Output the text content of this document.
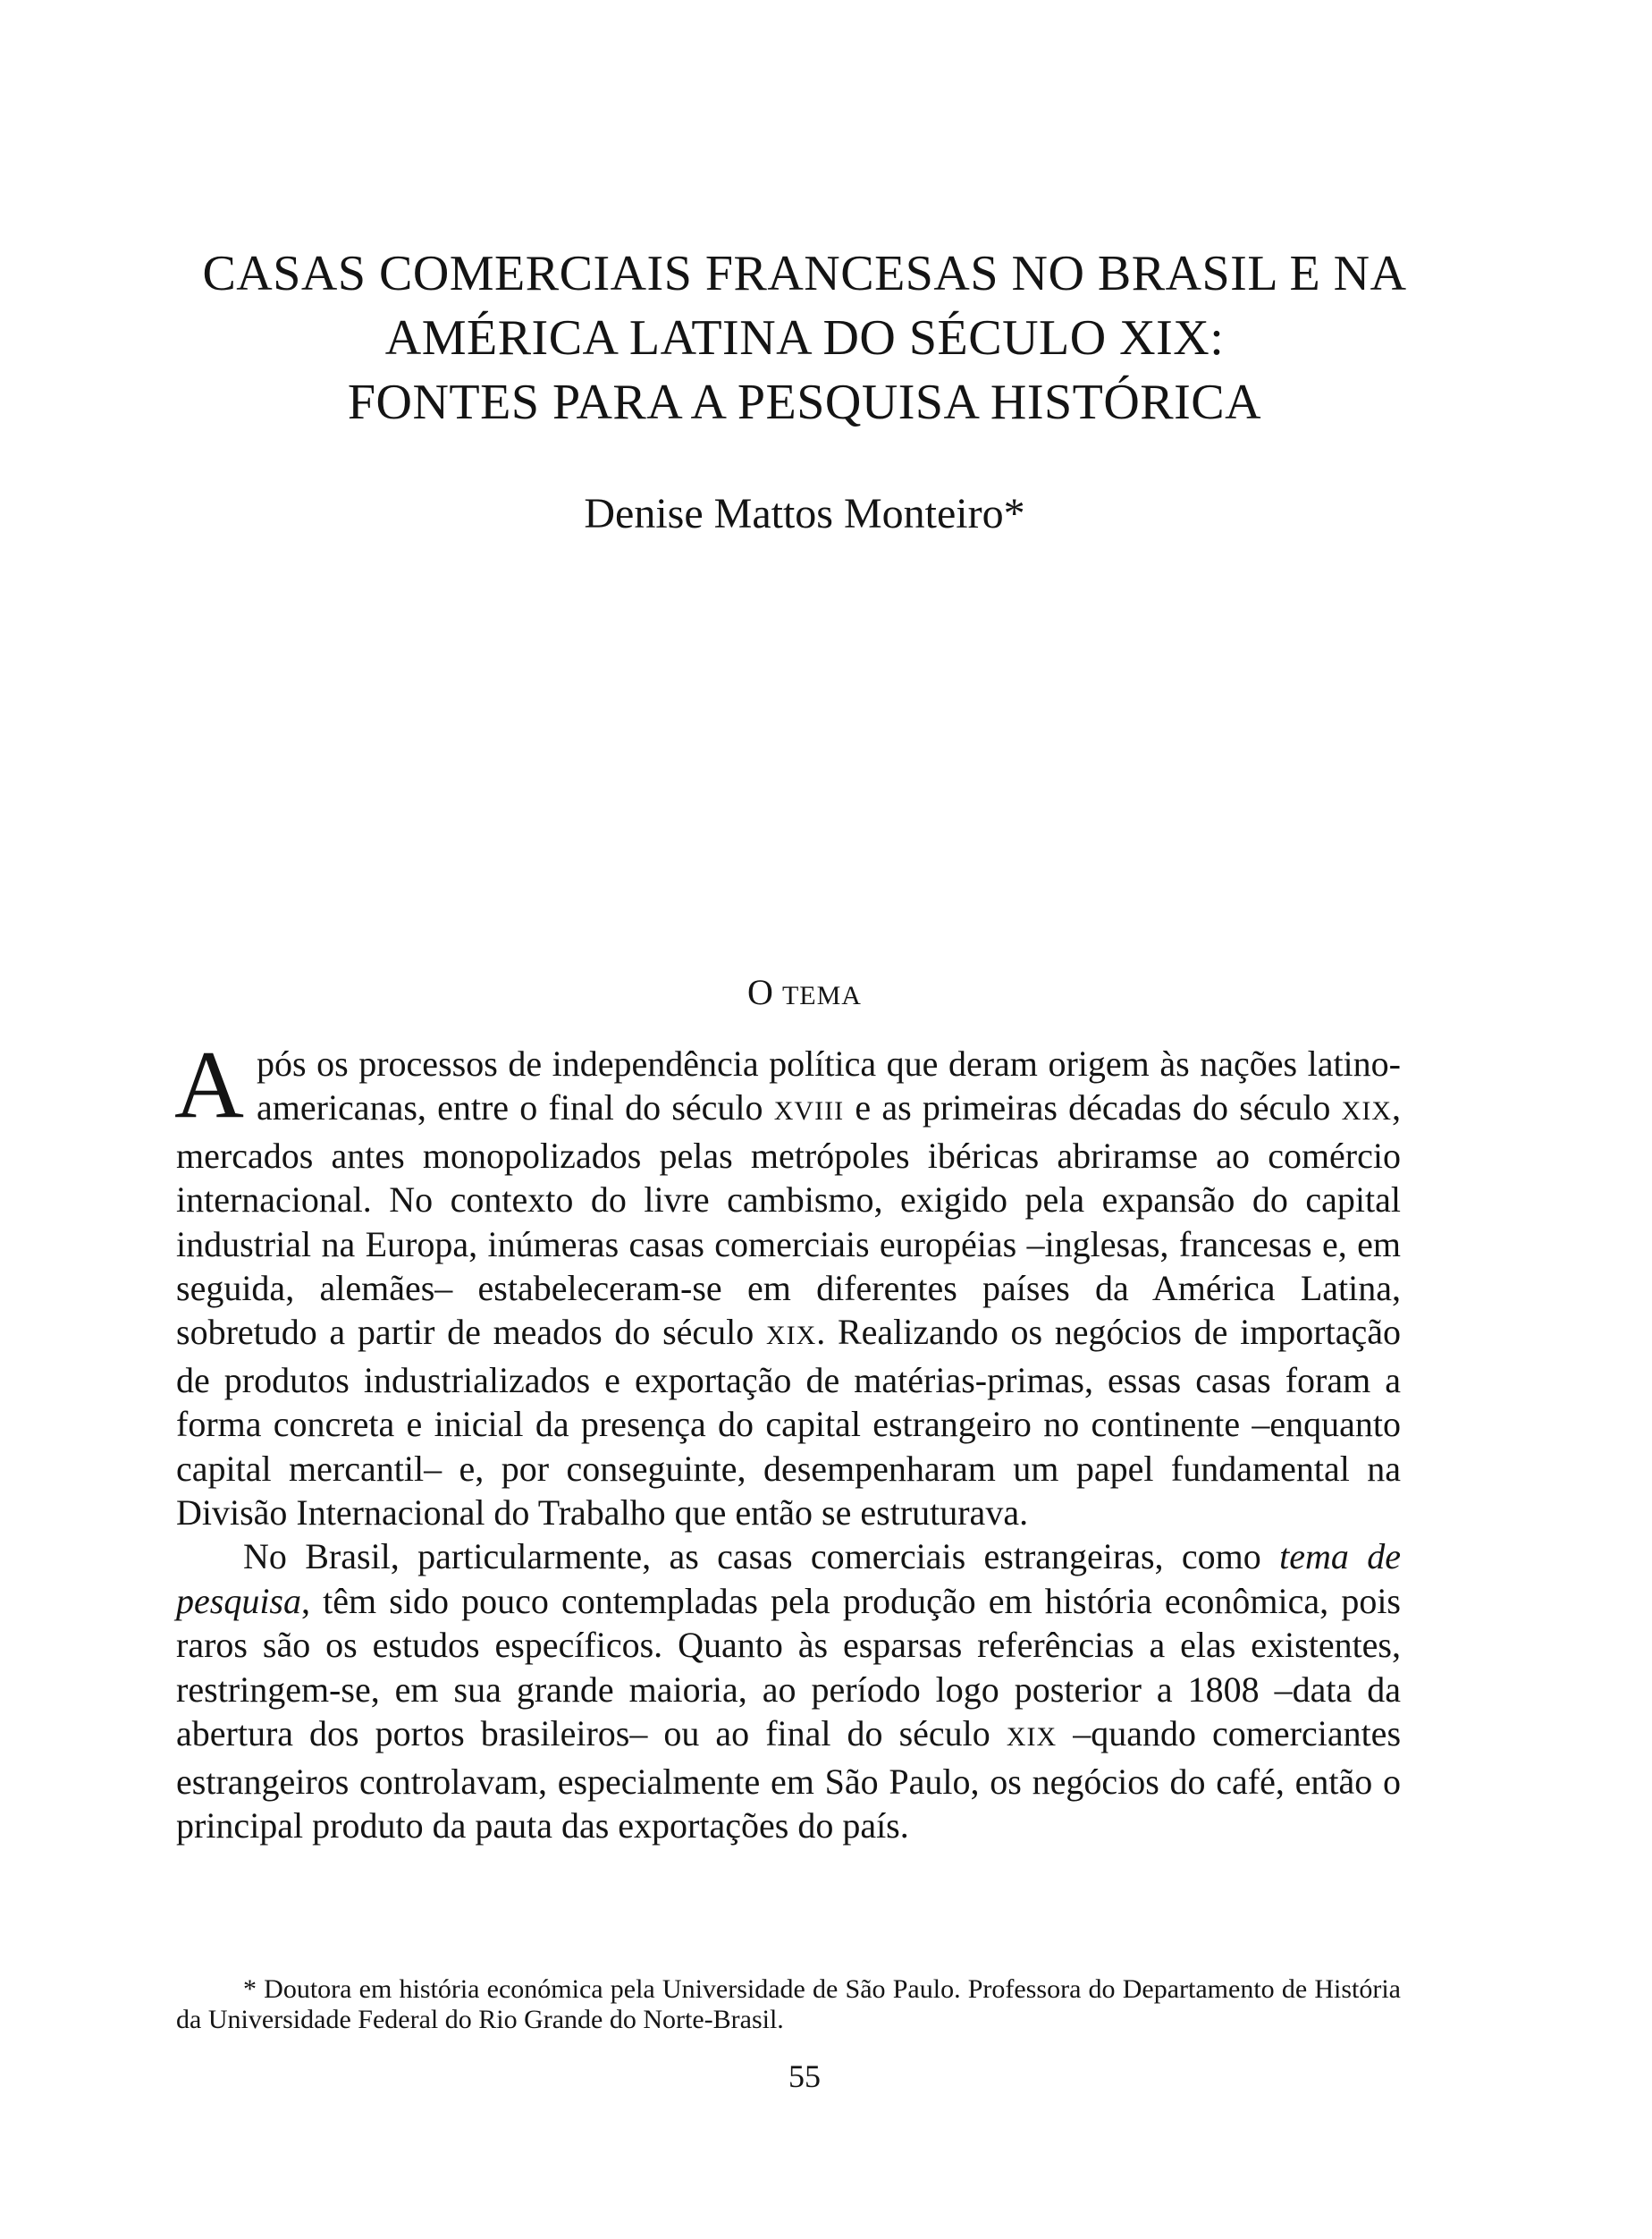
CASAS COMERCIAIS FRANCESAS NO BRASIL E NA
AMÉRICA LATINA DO SÉCULO XIX:
FONTES PARA A PESQUISA HISTÓRICA
Denise Mattos Monteiro*
O TEMA

Após os processos de independência política que deram origem às nações latino-americanas, entre o final do século XVIII e as primeiras décadas do século XIX, mercados antes monopolizados pelas metrópoles ibéricas abriramse ao comércio internacional. No contexto do livre cambismo, exigido pela expansão do capital industrial na Europa, inúmeras casas comerciais européias –inglesas, francesas e, em seguida, alemães– estabeleceram-se em diferentes países da América Latina, sobretudo a partir de meados do século XIX. Realizando os negócios de importação de produtos industrializados e exportação de matérias-primas, essas casas foram a forma concreta e inicial da presença do capital estrangeiro no continente –enquanto capital mercantil– e, por conseguinte, desempenharam um papel fundamental na Divisão Internacional do Trabalho que então se estruturava.

No Brasil, particularmente, as casas comerciais estrangeiras, como tema de pesquisa, têm sido pouco contempladas pela produção em história econômica, pois raros são os estudos específicos. Quanto às esparsas referências a elas existentes, restringem-se, em sua grande maioria, ao período logo posterior a 1808 –data da abertura dos portos brasileiros– ou ao final do século XIX –quando comerciantes estrangeiros controlavam, especialmente em São Paulo, os negócios do café, então o principal produto da pauta das exportações do país.

* Doutora em história económica pela Universidade de São Paulo. Professora do Departamento de História da Universidade Federal do Rio Grande do Norte-Brasil.
55
